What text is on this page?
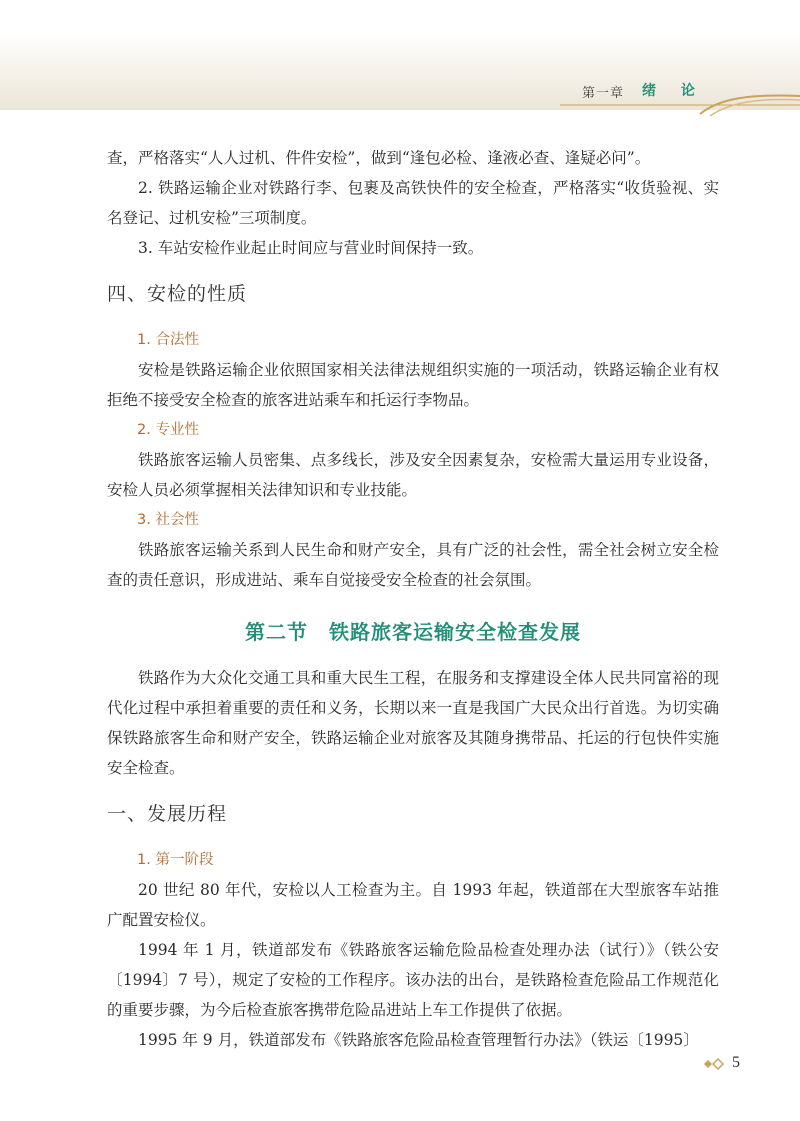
第一章 绪 论

查，严格落实“人人过机、件件安检”，做到“逢包必检、逢液必查、逢疑必问”。

2. 铁路运输企业对铁路行李、包裹及高铁快件的安全检查，严格落实“收货验视、实名登记、过机安检”三项制度。

3. 车站安检作业起止时间应与营业时间保持一致。

四、安检的性质
1. 合法性

安检是铁路运输企业依照国家相关法律法规组织实施的一项活动，铁路运输企业有权拒绝不接受安全检查的旅客进站乘车和托运行李物品。

2. 专业性

铁路旅客运输人员密集、点多线长，涉及安全因素复杂，安检需大量运用专业设备，安检人员必须掌握相关法律知识和专业技能。

3. 社会性

铁路旅客运输关系到人民生命和财产安全，具有广泛的社会性，需全社会树立安全检查的责任意识，形成进站、乘车自觉接受安全检查的社会氛围。

第二节　铁路旅客运输安全检查发展

铁路作为大众化交通工具和重大民生工程，在服务和支撑建设全体人民共同富裕的现代化过程中承担着重要的责任和义务，长期以来一直是我国广大民众出行首选。为切实确保铁路旅客生命和财产安全，铁路运输企业对旅客及其随身携带品、托运的行包快件实施安全检查。

一、发展历程
1. 第一阶段

20 世纪 80 年代，安检以人工检查为主。自 1993 年起，铁道部在大型旅客车站推广配置安检仪。

1994 年 1 月，铁道部发布《铁路旅客运输危险品检查处理办法（试行）》（铁公安〔1994〕7 号），规定了安检的工作程序。该办法的出台，是铁路检查危险品工作规范化的重要步骤，为今后检查旅客携带危险品进站上车工作提供了依据。

1995 年 9 月，铁道部发布《铁路旅客危险品检查管理暂行办法》（铁运〔1995〕

5
